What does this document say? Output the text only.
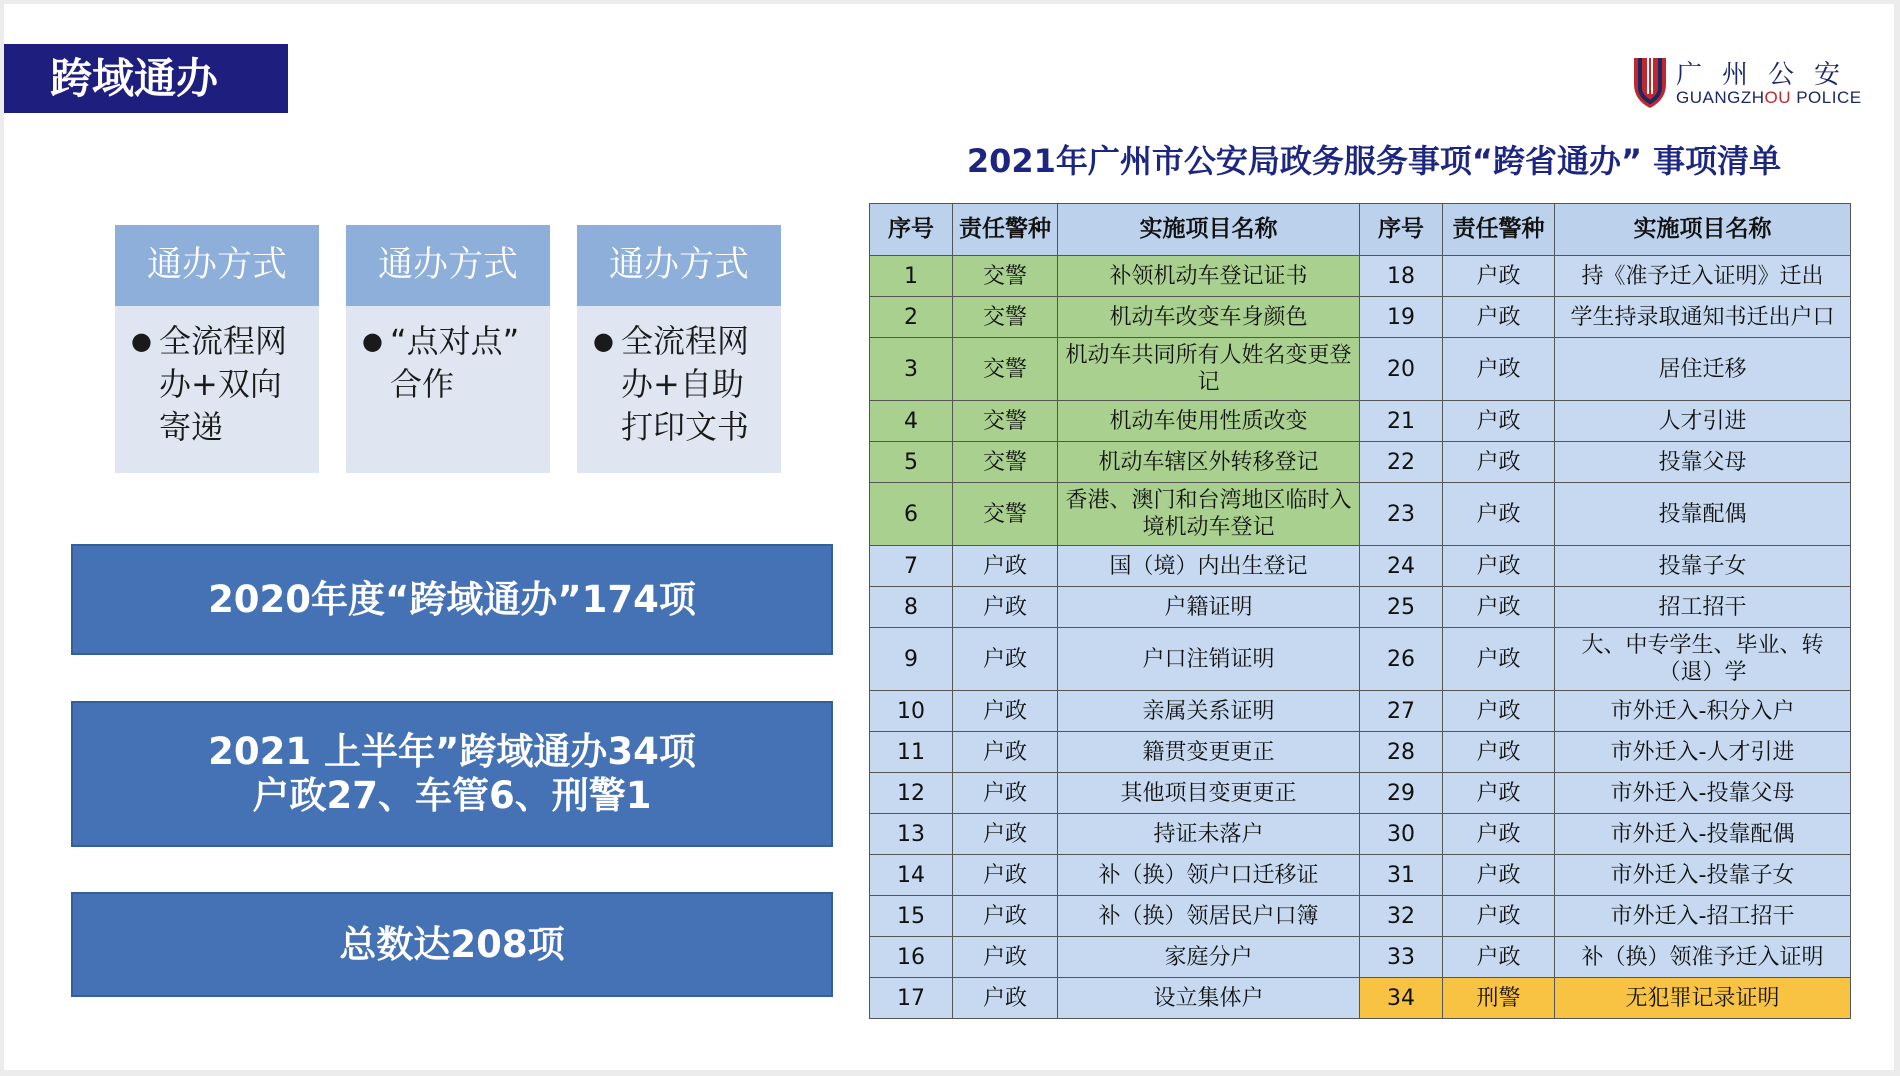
跨域通办	广州公安
GUANGZHOU POLICE
通办方式
● 全流程网
办+双向
寄递
通办方式
● “点对点”
合作
通办方式
● 全流程网
办+自助
打印文书
2020年度“跨域通办”174项
2021 上半年”跨域通办34项
户政27、车管6、刑警1
总数达208项
2021年广州市公安局政务服务事项“跨省通办” 事项清单
序号	责任警种	实施项目名称	序号	责任警种	实施项目名称
1	交警	补领机动车登记证书	18	户政	持《准予迁入证明》迁出
2	交警	机动车改变车身颜色	19	户政	学生持录取通知书迁出户口
3	交警	机动车共同所有人姓名变更登记	20	户政	居住迁移
4	交警	机动车使用性质改变	21	户政	人才引进
5	交警	机动车辖区外转移登记	22	户政	投靠父母
6	交警	香港、澳门和台湾地区临时入境机动车登记	23	户政	投靠配偶
7	户政	国（境）内出生登记	24	户政	投靠子女
8	户政	户籍证明	25	户政	招工招干
9	户政	户口注销证明	26	户政	大、中专学生、毕业、转（退）学
10	户政	亲属关系证明	27	户政	市外迁入-积分入户
11	户政	籍贯变更更正	28	户政	市外迁入-人才引进
12	户政	其他项目变更更正	29	户政	市外迁入-投靠父母
13	户政	持证未落户	30	户政	市外迁入-投靠配偶
14	户政	补（换）领户口迁移证	31	户政	市外迁入-投靠子女
15	户政	补（换）领居民户口簿	32	户政	市外迁入-招工招干
16	户政	家庭分户	33	户政	补（换）领准予迁入证明
17	户政	设立集体户	34	刑警	无犯罪记录证明
